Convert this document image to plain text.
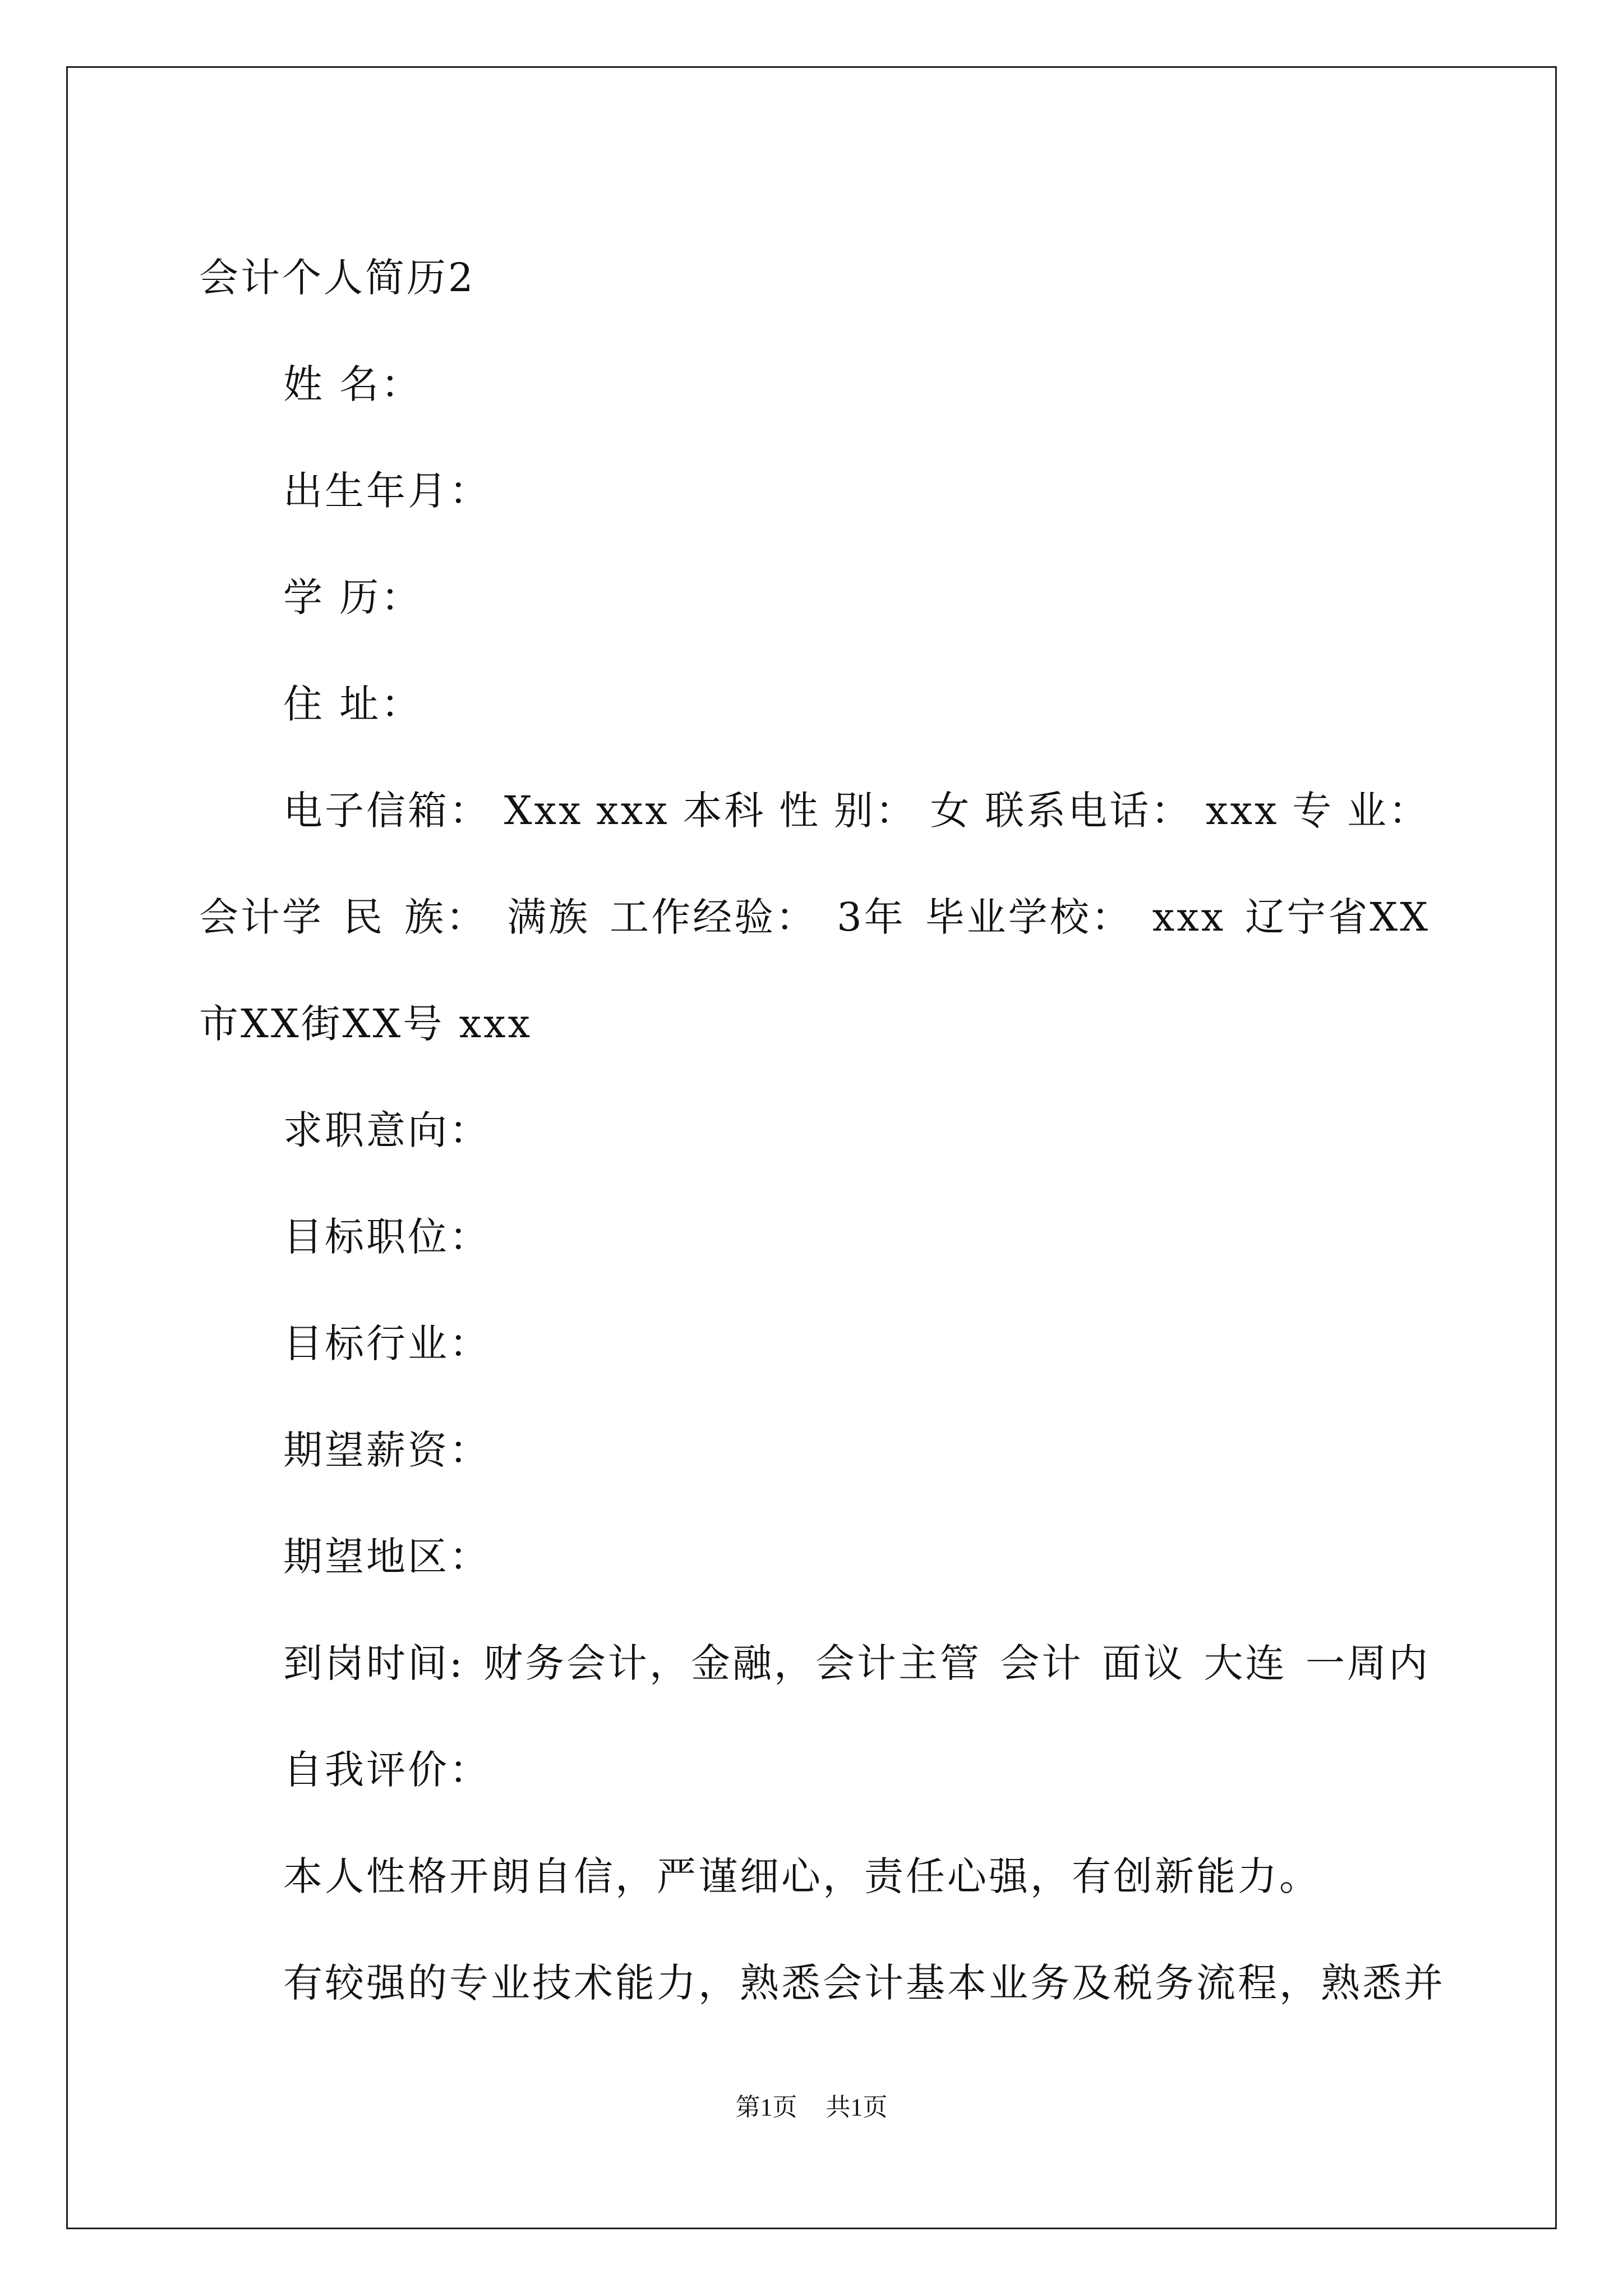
会计个人简历2
姓 名：
出生年月：
学 历：
住 址：
电子信箱： Xxx xxx 本科 性 别： 女 联系电话： xxx 专 业：
会计学 民 族： 满族 工作经验： 3年 毕业学校： xxx 辽宁省XX
市XX街XX号 xxx
求职意向：
目标职位：
目标行业：
期望薪资：
期望地区：
到岗时间: 财务会计，金融，会计主管 会计 面议 大连 一周内
自我评价：
本人性格开朗自信，严谨细心，责任心强，有创新能力。
有较强的专业技术能力，熟悉会计基本业务及税务流程，熟悉并
第1页 共1页
